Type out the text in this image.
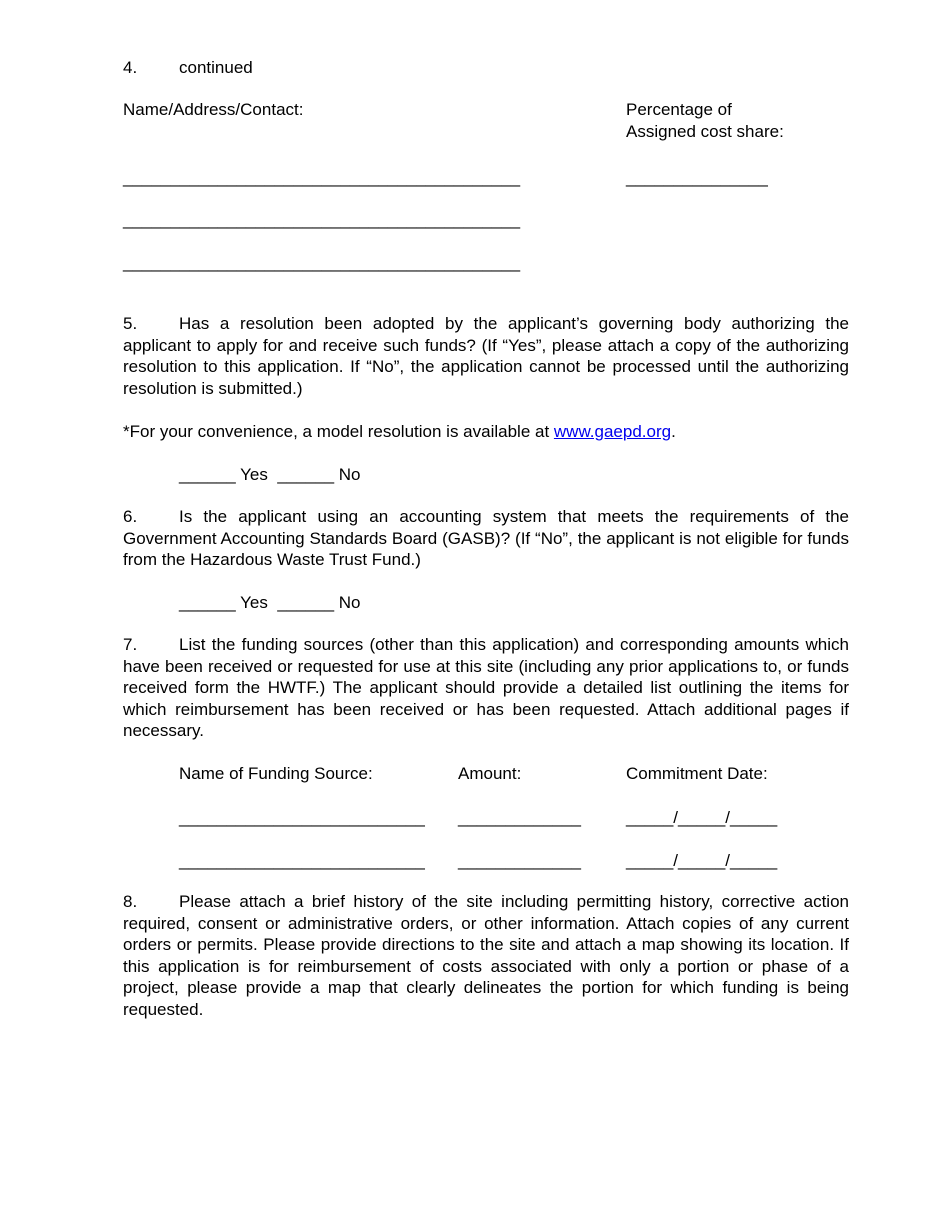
4. continued
Name/Address/Contact:	Percentage of
Assigned cost share:
__________________________________________	_______________
__________________________________________
__________________________________________
5. Has a resolution been adopted by the applicant’s governing body authorizing the applicant to apply for and receive such funds? (If “Yes”, please attach a copy of the authorizing resolution to this application. If “No”, the application cannot be processed until the authorizing resolution is submitted.)
*For your convenience, a model resolution is available at www.gaepd.org.
______ Yes  ______ No
6. Is the applicant using an accounting system that meets the requirements of the Government Accounting Standards Board (GASB)? (If “No”, the applicant is not eligible for funds from the Hazardous Waste Trust Fund.)
______ Yes  ______ No
7. List the funding sources (other than this application) and corresponding amounts which have been received or requested for use at this site (including any prior applications to, or funds received form the HWTF.) The applicant should provide a detailed list outlining the items for which reimbursement has been received or has been requested. Attach additional pages if necessary.
Name of Funding Source:	Amount:	Commitment Date:
__________________________ _____________	_____/_____/_____
__________________________ _____________	_____/_____/_____
8. Please attach a brief history of the site including permitting history, corrective action required, consent or administrative orders, or other information. Attach copies of any current orders or permits. Please provide directions to the site and attach a map showing its location. If this application is for reimbursement of costs associated with only a portion or phase of a project, please provide a map that clearly delineates the portion for which funding is being requested.
